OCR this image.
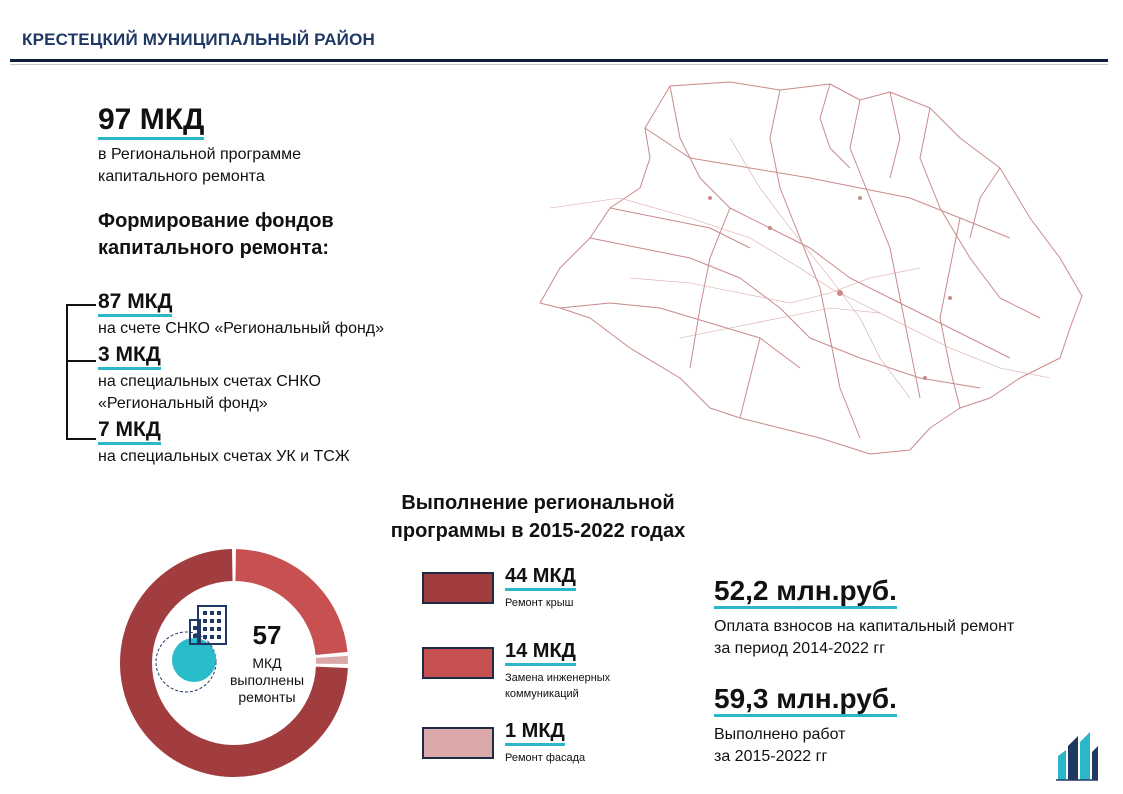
КРЕСТЕЦКИЙ МУНИЦИПАЛЬНЫЙ РАЙОН
97 МКД
в Региональной программе
капитального ремонта
Формирование фондов
капитального ремонта:
87 МКД
на счете СНКО «Региональный фонд»
3 МКД
на специальных счетах СНКО
«Региональный фонд»
7 МКД
на специальных счетах УК и ТСЖ
Выполнение региональной
программы в 2015-2022 годах
57
МКД
выполнены
ремонты
44 МКД
Ремонт крыш
14 МКД
Замена инженерных
коммуникаций
1 МКД
Ремонт фасада
52,2 млн.руб.
Оплата взносов на капитальный ремонт
за период 2014-2022 гг
59,3 млн.руб.
Выполнено работ
за 2015-2022 гг
